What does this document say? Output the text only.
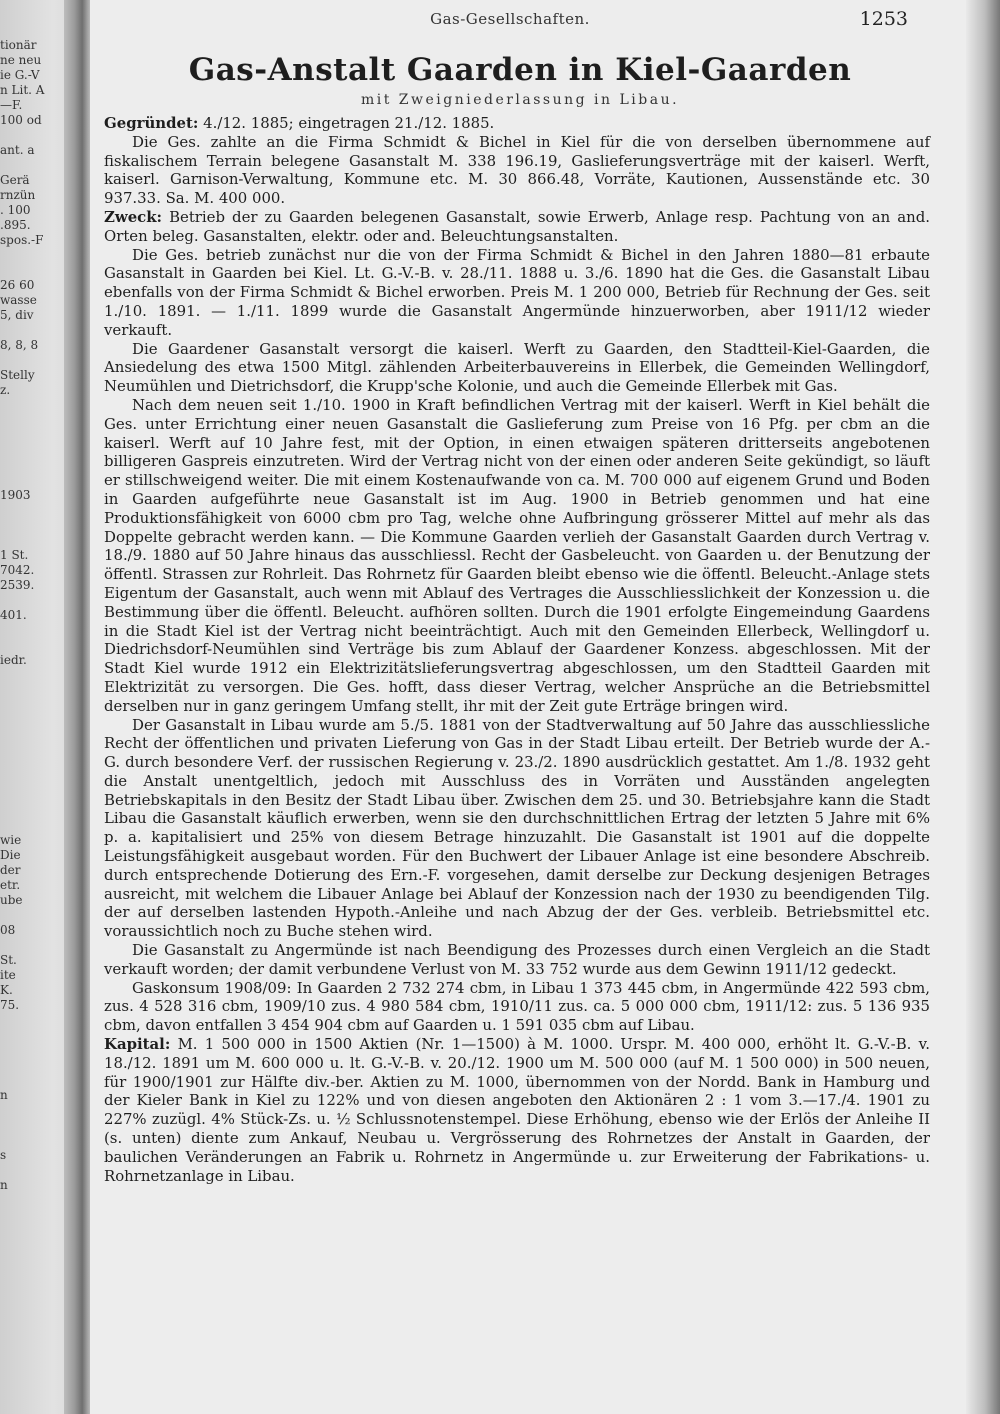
tionär
ne neu
ie G.-V
n Lit. A
—F.
100 od

ant. a

Gerä
rnzün
. 100
.895.
spos.-F

26 60
wasse
5, div

8, 8, 8

Stelly
z.

1903

1 St.
7042.
2539.

401.

iedr.

wie
Die
der
etr.
ube

08

St.
ite
K.
75.

n

s

n
Gas-Gesellschaften.	1253
Gas-Anstalt Gaarden in Kiel-Gaarden
mit Zweigniederlassung in Libau.

Gegründet: 4./12. 1885; eingetragen 21./12. 1885.

Die Ges. zahlte an die Firma Schmidt & Bichel in Kiel für die von derselben übernommene auf fiskalischem Terrain belegene Gasanstalt M. 338 196.19, Gaslieferungsverträge mit der kaiserl. Werft, kaiserl. Garnison-Verwaltung, Kommune etc. M. 30 866.48, Vorräte, Kautionen, Aussenstände etc. 30 937.33. Sa. M. 400 000.

Zweck: Betrieb der zu Gaarden belegenen Gasanstalt, sowie Erwerb, Anlage resp. Pachtung von an and. Orten beleg. Gasanstalten, elektr. oder and. Beleuchtungsanstalten.

Die Ges. betrieb zunächst nur die von der Firma Schmidt & Bichel in den Jahren 1880—81 erbaute Gasanstalt in Gaarden bei Kiel. Lt. G.-V.-B. v. 28./11. 1888 u. 3./6. 1890 hat die Ges. die Gasanstalt Libau ebenfalls von der Firma Schmidt & Bichel erworben. Preis M. 1 200 000, Betrieb für Rechnung der Ges. seit 1./10. 1891. — 1./11. 1899 wurde die Gasanstalt Angermünde hinzuerworben, aber 1911/12 wieder verkauft.

Die Gaardener Gasanstalt versorgt die kaiserl. Werft zu Gaarden, den Stadtteil-Kiel-Gaarden, die Ansiedelung des etwa 1500 Mitgl. zählenden Arbeiterbauvereins in Ellerbek, die Gemeinden Wellingdorf, Neumühlen und Dietrichsdorf, die Krupp'sche Kolonie, und auch die Gemeinde Ellerbek mit Gas.

Nach dem neuen seit 1./10. 1900 in Kraft befindlichen Vertrag mit der kaiserl. Werft in Kiel behält die Ges. unter Errichtung einer neuen Gasanstalt die Gaslieferung zum Preise von 16 Pfg. per cbm an die kaiserl. Werft auf 10 Jahre fest, mit der Option, in einen etwaigen späteren dritterseits angebotenen billigeren Gaspreis einzutreten. Wird der Vertrag nicht von der einen oder anderen Seite gekündigt, so läuft er stillschweigend weiter. Die mit einem Kostenaufwande von ca. M. 700 000 auf eigenem Grund und Boden in Gaarden aufgeführte neue Gasanstalt ist im Aug. 1900 in Betrieb genommen und hat eine Produktionsfähigkeit von 6000 cbm pro Tag, welche ohne Aufbringung grösserer Mittel auf mehr als das Doppelte gebracht werden kann. — Die Kommune Gaarden verlieh der Gasanstalt Gaarden durch Vertrag v. 18./9. 1880 auf 50 Jahre hinaus das ausschliessl. Recht der Gasbeleucht. von Gaarden u. der Benutzung der öffentl. Strassen zur Rohrleit. Das Rohrnetz für Gaarden bleibt ebenso wie die öffentl. Beleucht.-Anlage stets Eigentum der Gasanstalt, auch wenn mit Ablauf des Vertrages die Ausschliesslichkeit der Konzession u. die Bestimmung über die öffentl. Beleucht. aufhören sollten. Durch die 1901 erfolgte Eingemeindung Gaardens in die Stadt Kiel ist der Vertrag nicht beeinträchtigt. Auch mit den Gemeinden Ellerbeck, Wellingdorf u. Diedrichsdorf-Neumühlen sind Verträge bis zum Ablauf der Gaardener Konzess. abgeschlossen. Mit der Stadt Kiel wurde 1912 ein Elektrizitätslieferungsvertrag abgeschlossen, um den Stadtteil Gaarden mit Elektrizität zu versorgen. Die Ges. hofft, dass dieser Vertrag, welcher Ansprüche an die Betriebsmittel derselben nur in ganz geringem Umfang stellt, ihr mit der Zeit gute Erträge bringen wird.

Der Gasanstalt in Libau wurde am 5./5. 1881 von der Stadtverwaltung auf 50 Jahre das ausschliessliche Recht der öffentlichen und privaten Lieferung von Gas in der Stadt Libau erteilt. Der Betrieb wurde der A.-G. durch besondere Verf. der russischen Regierung v. 23./2. 1890 ausdrücklich gestattet. Am 1./8. 1932 geht die Anstalt unentgeltlich, jedoch mit Ausschluss des in Vorräten und Ausständen angelegten Betriebskapitals in den Besitz der Stadt Libau über. Zwischen dem 25. und 30. Betriebsjahre kann die Stadt Libau die Gasanstalt käuflich erwerben, wenn sie den durchschnittlichen Ertrag der letzten 5 Jahre mit 6% p. a. kapitalisiert und 25% von diesem Betrage hinzuzahlt. Die Gasanstalt ist 1901 auf die doppelte Leistungsfähigkeit ausgebaut worden. Für den Buchwert der Libauer Anlage ist eine besondere Abschreib. durch entsprechende Dotierung des Ern.-F. vorgesehen, damit derselbe zur Deckung desjenigen Betrages ausreicht, mit welchem die Libauer Anlage bei Ablauf der Konzession nach der 1930 zu beendigenden Tilg. der auf derselben lastenden Hypoth.-Anleihe und nach Abzug der der Ges. verbleib. Betriebsmittel etc. voraussichtlich noch zu Buche stehen wird.

Die Gasanstalt zu Angermünde ist nach Beendigung des Prozesses durch einen Vergleich an die Stadt verkauft worden; der damit verbundene Verlust von M. 33 752 wurde aus dem Gewinn 1911/12 gedeckt.

Gaskonsum 1908/09: In Gaarden 2 732 274 cbm, in Libau 1 373 445 cbm, in Angermünde 422 593 cbm, zus. 4 528 316 cbm, 1909/10 zus. 4 980 584 cbm, 1910/11 zus. ca. 5 000 000 cbm, 1911/12: zus. 5 136 935 cbm, davon entfallen 3 454 904 cbm auf Gaarden u. 1 591 035 cbm auf Libau.

Kapital: M. 1 500 000 in 1500 Aktien (Nr. 1—1500) à M. 1000. Urspr. M. 400 000, erhöht lt. G.-V.-B. v. 18./12. 1891 um M. 600 000 u. lt. G.-V.-B. v. 20./12. 1900 um M. 500 000 (auf M. 1 500 000) in 500 neuen, für 1900/1901 zur Hälfte div.-ber. Aktien zu M. 1000, übernommen von der Nordd. Bank in Hamburg und der Kieler Bank in Kiel zu 122% und von diesen angeboten den Aktionären 2 : 1 vom 3.—17./4. 1901 zu 227% zuzügl. 4% Stück-Zs. u. ½ Schlussnotenstempel. Diese Erhöhung, ebenso wie der Erlös der Anleihe II (s. unten) diente zum Ankauf, Neubau u. Vergrösserung des Rohrnetzes der Anstalt in Gaarden, der baulichen Veränderungen an Fabrik u. Rohrnetz in Angermünde u. zur Erweiterung der Fabrikations- u. Rohrnetzanlage in Libau.
